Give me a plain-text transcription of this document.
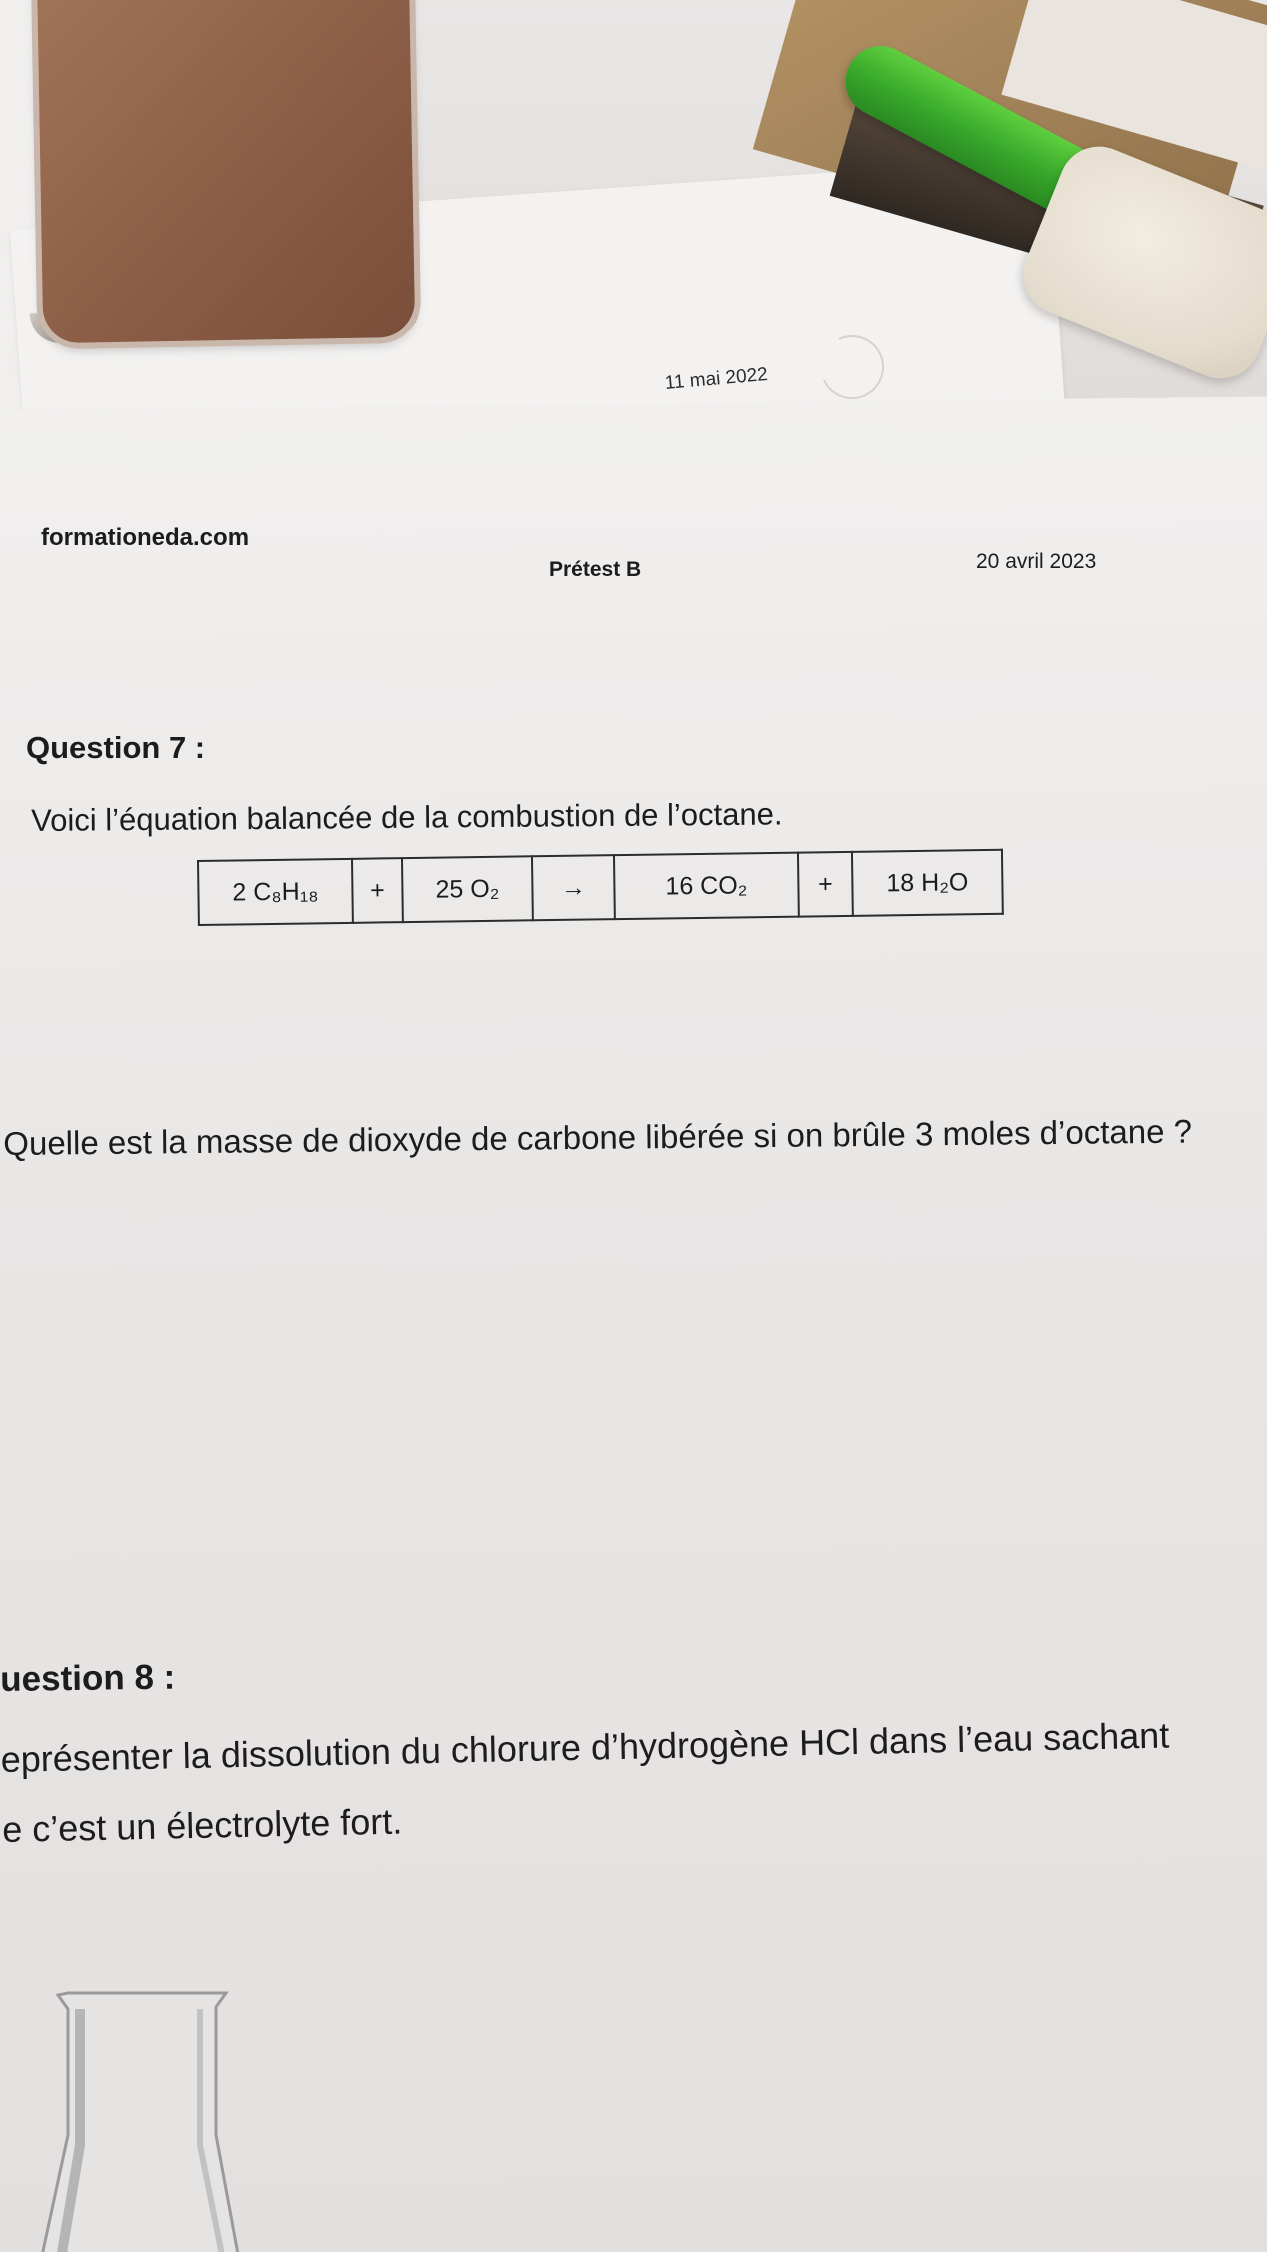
11 mai 2022
formationeda.com
Prétest B	20 avril 2023
Question 7 :
Voici l’équation balancée de la combustion de l’octane.
2 C₈H₁₈	+	25 O₂	→	16 CO₂	+	18 H₂O
Quelle est la masse de dioxyde de carbone libérée si on brûle 3 moles d’octane ?
uestion 8 :
eprésenter la dissolution du chlorure d’hydrogène HCl dans l’eau sachant
e c’est un électrolyte fort.
